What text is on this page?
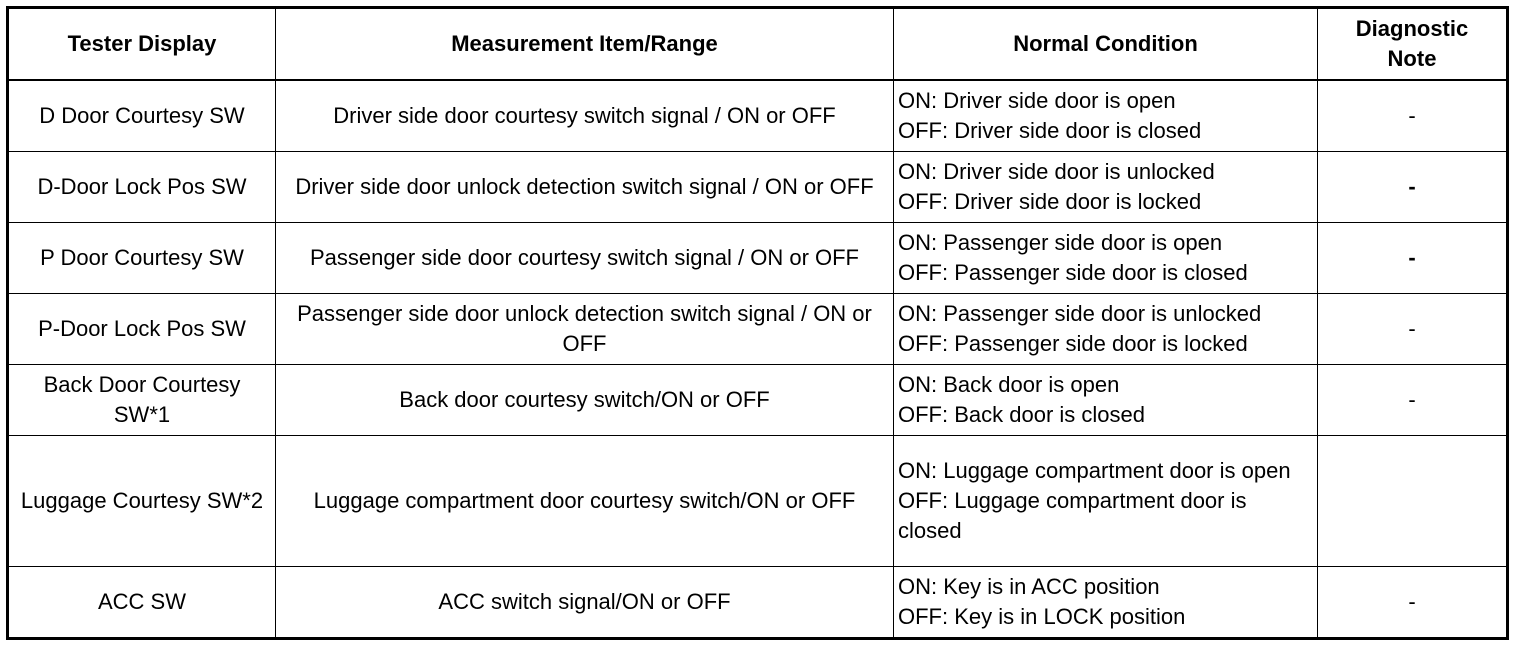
Tester Display	Measurement Item/Range	Normal Condition	Diagnostic
Note

D Door Courtesy SW	Driver side door courtesy switch signal / ON or OFF	ON: Driver side door is open
OFF: Driver side door is closed	-
D-Door Lock Pos SW	Driver side door unlock detection switch signal / ON or OFF	ON: Driver side door is unlocked
OFF: Driver side door is locked	-
P Door Courtesy SW	Passenger side door courtesy switch signal / ON or OFF	ON: Passenger side door is open
OFF: Passenger side door is closed	-
P-Door Lock Pos SW	Passenger side door unlock detection switch signal / ON or OFF	ON: Passenger side door is unlocked
OFF: Passenger side door is locked	-
Back Door Courtesy SW*1	Back door courtesy switch/ON or OFF	ON: Back door is open
OFF: Back door is closed	-
Luggage Courtesy SW*2	Luggage compartment door courtesy switch/ON or OFF	ON: Luggage compartment door is open
OFF: Luggage compartment door is closed	

ACC SW	ACC switch signal/ON or OFF	ON: Key is in ACC position
OFF: Key is in LOCK position	-
